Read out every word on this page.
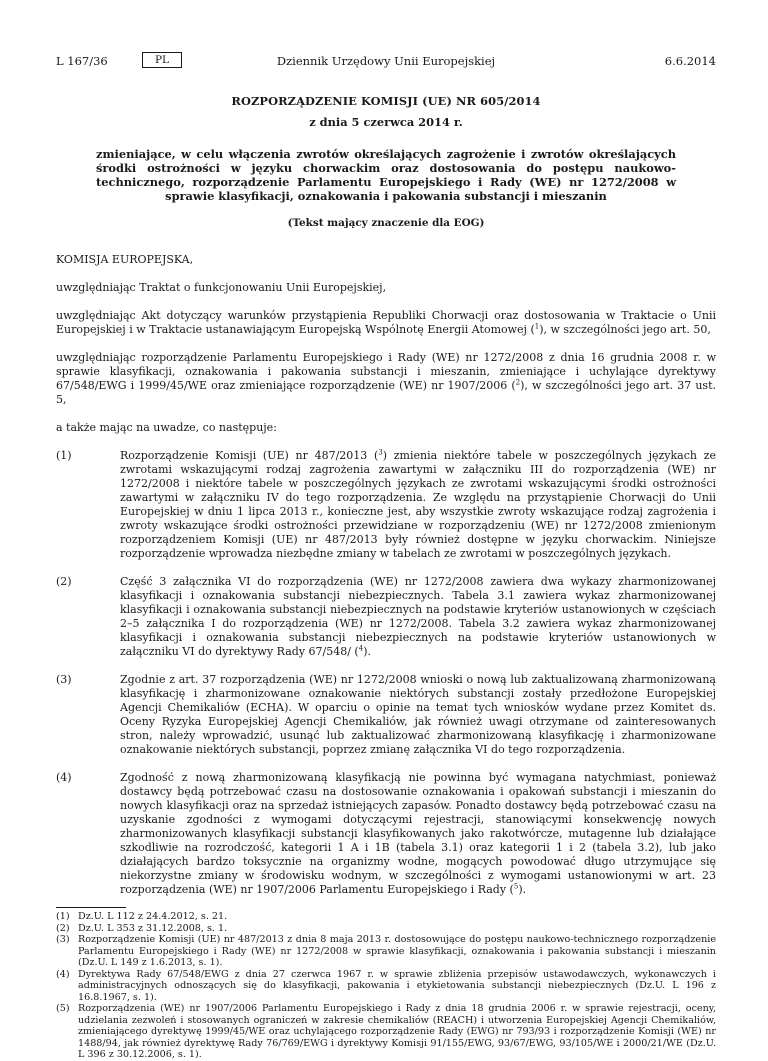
Dziennik Urzędowy Unii Europejskiej
L 167/36	PL	6.6.2014
ROZPORZĄDZENIE KOMISJI (UE) NR 605/2014
z dnia 5 czerwca 2014 r.
zmieniające, w celu włączenia zwrotów określających zagrożenie i zwrotów określających środki ostrożności w języku chorwackim oraz dostosowania do postępu naukowo-technicznego, rozporządzenie Parlamentu Europejskiego i Rady (WE) nr 1272/2008 w sprawie klasyfikacji, oznakowania i pakowania substancji i mieszanin
(Tekst mający znaczenie dla EOG)

KOMISJA EUROPEJSKA,

uwzględniając Traktat o funkcjonowaniu Unii Europejskiej,

uwzględniając Akt dotyczący warunków przystąpienia Republiki Chorwacji oraz dostosowania w Traktacie o Unii Europejskiej i w Traktacie ustanawiającym Europejską Wspólnotę Energii Atomowej ($^1$), w szczególności jego art. 50,

uwzględniając rozporządzenie Parlamentu Europejskiego i Rady (WE) nr 1272/2008 z dnia 16 grudnia 2008 r. w sprawie klasyfikacji, oznakowania i pakowania substancji i mieszanin, zmieniające i uchylające dyrektywy 67/548/EWG i 1999/45/WE oraz zmieniające rozporządzenie (WE) nr 1907/2006 ($^2$), w szczególności jego art. 37 ust. 5,

a także mając na uwadze, co następuje:

(1)	Rozporządzenie Komisji (UE) nr 487/2013 ($^3$) zmienia niektóre tabele w poszczególnych językach ze zwrotami wskazującymi rodzaj zagrożenia zawartymi w załączniku III do rozporządzenia (WE) nr 1272/2008 i niektóre tabele w poszczególnych językach ze zwrotami wskazującymi środki ostrożności zawartymi w załączniku IV do tego rozporządzenia. Ze względu na przystąpienie Chorwacji do Unii Europejskiej w dniu 1 lipca 2013 r., konieczne jest, aby wszystkie zwroty wskazujące rodzaj zagrożenia i zwroty wskazujące środki ostrożności przewidziane w rozporządzeniu (WE) nr 1272/2008 zmienionym rozporządzeniem Komisji (UE) nr 487/2013 były również dostępne w języku chorwackim. Niniejsze rozporządzenie wprowadza niezbędne zmiany w tabelach ze zwrotami w poszczególnych językach.
(2)	Część 3 załącznika VI do rozporządzenia (WE) nr 1272/2008 zawiera dwa wykazy zharmonizowanej klasyfikacji i oznakowania substancji niebezpiecznych. Tabela 3.1 zawiera wykaz zharmonizowanej klasyfikacji i oznakowania substancji niebezpiecznych na podstawie kryteriów ustanowionych w częściach 2–5 załącznika I do rozporządzenia (WE) nr 1272/2008. Tabela 3.2 zawiera wykaz zharmonizowanej klasyfikacji i oznakowania substancji niebezpiecznych na podstawie kryteriów ustanowionych w załączniku VI do dyrektywy Rady 67/548/ ($^4$).
(3)	Zgodnie z art. 37 rozporządzenia (WE) nr 1272/2008 wnioski o nową lub zaktualizowaną zharmonizowaną klasyfikację i zharmonizowane oznakowanie niektórych substancji zostały przedłożone Europejskiej Agencji Chemikaliów (ECHA). W oparciu o opinie na temat tych wniosków wydane przez Komitet ds. Oceny Ryzyka Europejskiej Agencji Chemikaliów, jak również uwagi otrzymane od zainteresowanych stron, należy wprowadzić, usunąć lub zaktualizować zharmonizowaną klasyfikację i zharmonizowane oznakowanie niektórych substancji, poprzez zmianę załącznika VI do tego rozporządzenia.
(4)	Zgodność z nową zharmonizowaną klasyfikacją nie powinna być wymagana natychmiast, ponieważ dostawcy będą potrzebować czasu na dostosowanie oznakowania i opakowań substancji i mieszanin do nowych klasyfikacji oraz na sprzedaż istniejących zapasów. Ponadto dostawcy będą potrzebować czasu na uzyskanie zgodności z wymogami dotyczącymi rejestracji, stanowiącymi konsekwencję nowych zharmonizowanych klasyfikacji substancji klasyfikowanych jako rakotwórcze, mutagenne lub działające szkodliwie na rozrodczość, kategorii 1 A i 1B (tabela 3.1) oraz kategorii 1 i 2 (tabela 3.2), lub jako działających bardzo toksycznie na organizmy wodne, mogących powodować długo utrzymujące się niekorzystne zmiany w środowisku wodnym, w szczególności z wymogami ustanowionymi w art. 23 rozporządzenia (WE) nr 1907/2006 Parlamentu Europejskiego i Rady ($^5$).
(1) Dz.U. L 112 z 24.4.2012, s. 21.
(2) Dz.U. L 353 z 31.12.2008, s. 1.
(3) Rozporządzenie Komisji (UE) nr 487/2013 z dnia 8 maja 2013 r. dostosowujące do postępu naukowo-technicznego rozporządzenie Parlamentu Europejskiego i Rady (WE) nr 1272/2008 w sprawie klasyfikacji, oznakowania i pakowania substancji i mieszanin (Dz.U. L 149 z 1.6.2013, s. 1).
(4) Dyrektywa Rady 67/548/EWG z dnia 27 czerwca 1967 r. w sprawie zbliżenia przepisów ustawodawczych, wykonawczych i administracyjnych odnoszących się do klasyfikacji, pakowania i etykietowania substancji niebezpiecznych (Dz.U. L 196 z 16.8.1967, s. 1).
(5) Rozporządzenia (WE) nr 1907/2006 Parlamentu Europejskiego i Rady z dnia 18 grudnia 2006 r. w sprawie rejestracji, oceny, udzielania zezwoleń i stosowanych ograniczeń w zakresie chemikaliów (REACH) i utworzenia Europejskiej Agencji Chemikaliów, zmieniającego dyrektywę 1999/45/WE oraz uchylającego rozporządzenie Rady (EWG) nr 793/93 i rozporządzenie Komisji (WE) nr 1488/94, jak również dyrektywę Rady 76/769/EWG i dyrektywy Komisji 91/155/EWG, 93/67/EWG, 93/105/WE i 2000/21/WE (Dz.U. L 396 z 30.12.2006, s. 1).
